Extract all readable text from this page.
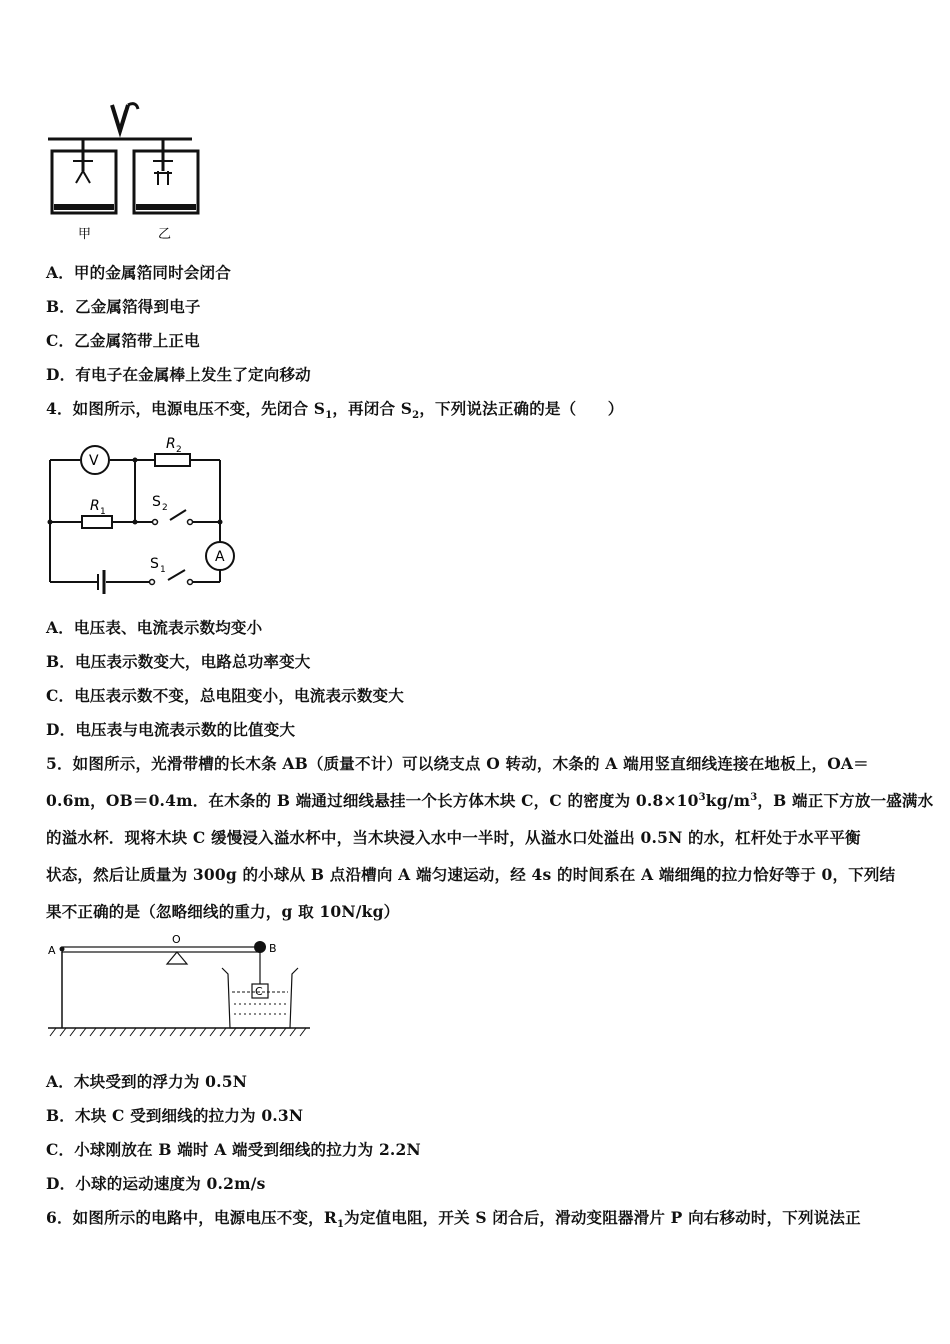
甲	乙
A．甲的金属箔同时会闭合
B．乙金属箔得到电子
C．乙金属箔带上正电
D．有电子在金属棒上发生了定向移动
4．如图所示，电源电压不变，先闭合 $S_1$，再闭合 $S_2$，下列说法正确的是（　　）
V
A
R 2
R 1
S 2
S 1
A．电压表、电流表示数均变小
B．电压表示数变大，电路总功率变大
C．电压表示数不变，总电阻变小，电流表示数变大
D．电压表与电流表示数的比值变大
5．如图所示，光滑带槽的长木条 AB（质量不计）可以绕支点 O 转动，木条的 A 端用竖直细线连接在地板上，OA＝
0.6m，OB＝0.4m．在木条的 B 端通过细线悬挂一个长方体木块 C，C 的密度为 $0.8\times 10^3kg/m^3$，B 端正下方放一盛满水
的溢水杯．现将木块 C 缓慢浸入溢水杯中，当木块浸入水中一半时，从溢水口处溢出 0.5N 的水，杠杆处于水平平衡
状态，然后让质量为 300g 的小球从 B 点沿槽向 A 端匀速运动，经 4s 的时间系在 A 端细绳的拉力恰好等于 0，下列结
果不正确的是（忽略细线的重力，g 取 10N/kg）
A
O
B
C
A．木块受到的浮力为 0.5N
B．木块 C 受到细线的拉力为 0.3N
C．小球刚放在 B 端时 A 端受到细线的拉力为 2.2N
D．小球的运动速度为 0.2m/s
6．如图所示的电路中，电源电压不变，$R_1$为定值电阻，开关 S 闭合后，滑动变阻器滑片 P 向右移动时，下列说法正
